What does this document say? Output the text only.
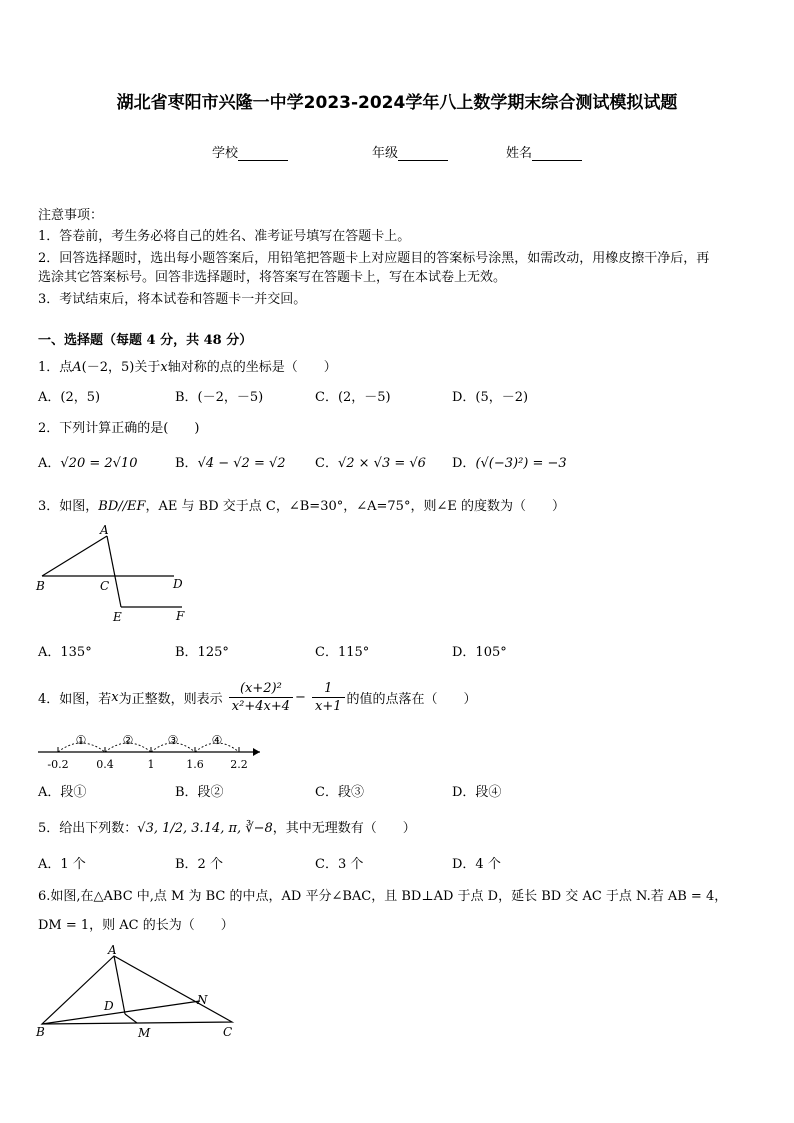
湖北省枣阳市兴隆一中学2023-2024学年八上数学期末综合测试模拟试题
学校	年级	姓名
注意事项：
1．答卷前，考生务必将自己的姓名、准考证号填写在答题卡上。
2．回答选择题时，选出每小题答案后，用铅笔把答题卡上对应题目的答案标号涂黑，如需改动，用橡皮擦干净后，再
选涂其它答案标号。回答非选择题时，将答案写在答题卡上，写在本试卷上无效。
3．考试结束后，将本试卷和答题卡一并交回。
一、选择题（每题 4 分，共 48 分）
1．点A(－2，5)关于x轴对称的点的坐标是（　　）
A．(2，5)	B．(－2，－5)	C．(2，－5)	D．(5，－2)
2．下列计算正确的是(　　)
A．√20 = 2√10	B．√4 − √2 = √2 C．√2 × √3 = √6 D．(√(−3)²) = −3
3．如图，BD//EF，AE 与 BD 交于点 C，∠B=30°，∠A=75°，则∠E 的度数为（　　）
A
B	C	D
E	F
A．135°	B．125°	C．115°	D．105°
4．如图，若x为正整数，则表示 $\frac{\text{(x+2)²}}{\text{x²+4x+4}} - \frac{1}{x+1}$ 的值的点落在（　　）
①	②	③	④
-0.2	0.4	1	1.6 2.2
A．段①	B．段②	C．段③	D．段④
5．给出下列数：√3, 1/2, 3.14, π, ∛−8，其中无理数有（　　）
A．1 个	B．2 个	C．3 个	D．4 个
6.如图,在△ABC 中,点 M 为 BC 的中点，AD 平分∠BAC，且 BD⊥AD 于点 D，延长 BD 交 AC 于点 N.若 AB = 4，
DM = 1，则 AC 的长为（　　）
A
B	C
D
M
N
